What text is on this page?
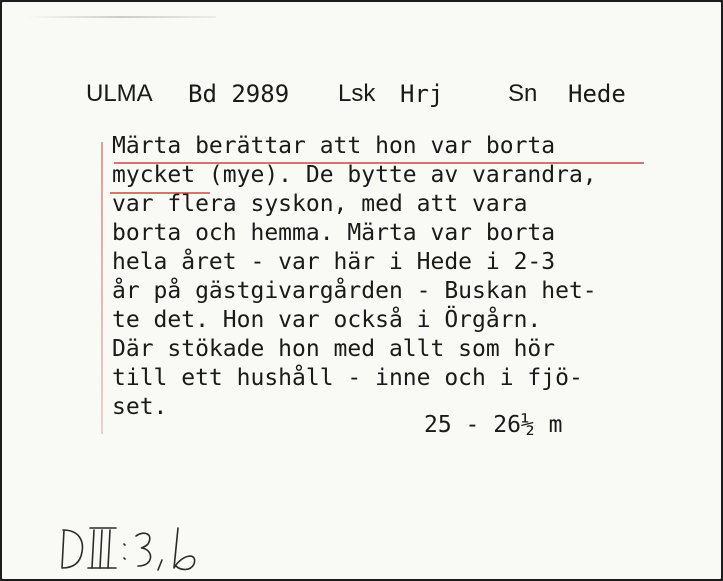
ULMA Bd 2989 Lsk Hrj	Sn Hede
Märta berättar att hon var borta
mycket (mye). De bytte av varandra,
var flera syskon, med att vara
borta och hemma. Märta var borta
hela året - var här i Hede i 2-3
år på gästgivargården - Buskan het-
te det. Hon var också i Örgårn.
Där stökade hon med allt som hör
till ett hushåll - inne och i fjö-
set.
25 - 26½ m
